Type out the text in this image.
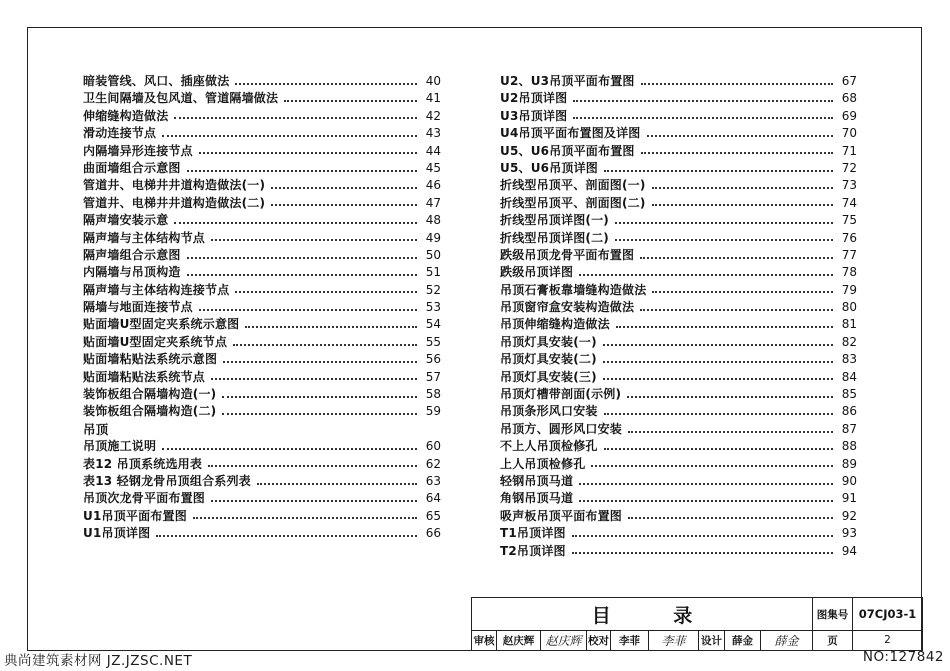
暗装管线、风口、插座做法	40
卫生间隔墙及包风道、管道隔墙做法	41
伸缩缝构造做法	42
滑动连接节点	43
内隔墙异形连接节点	44
曲面墙组合示意图	45
管道井、电梯井井道构造做法(一)	46
管道井、电梯井井道构造做法(二)	47
隔声墙安装示意	48
隔声墙与主体结构节点	49
隔声墙组合示意图	50
内隔墙与吊顶构造	51
隔声墙与主体结构连接节点	52
隔墙与地面连接节点	53
贴面墙U型固定夹系统示意图	54
贴面墙U型固定夹系统节点	55
贴面墙粘贴法系统示意图	56
贴面墙粘贴法系统节点	57
装饰板组合隔墙构造(一)	58
装饰板组合隔墙构造(二)	59
吊顶
吊顶施工说明	60
表12 吊顶系统选用表	62
表13 轻钢龙骨吊顶组合系列表	63
吊顶次龙骨平面布置图	64
U1吊顶平面布置图	65
U1吊顶详图	66
U2、U3吊顶平面布置图	67
U2吊顶详图	68
U3吊顶详图	69
U4吊顶平面布置图及详图	70
U5、U6吊顶平面布置图	71
U5、U6吊顶详图	72
折线型吊顶平、剖面图(一)	73
折线型吊顶平、剖面图(二)	74
折线型吊顶详图(一)	75
折线型吊顶详图(二)	76
跌级吊顶龙骨平面布置图	77
跌级吊顶详图	78
吊顶石膏板靠墙缝构造做法	79
吊顶窗帘盒安装构造做法	80
吊顶伸缩缝构造做法	81
吊顶灯具安装(一)	82
吊顶灯具安装(二)	83
吊顶灯具安装(三)	84
吊顶灯槽带剖面(示例)	85
吊顶条形风口安装	86
吊顶方、圆形风口安装	87
不上人吊顶检修孔	88
上人吊顶检修孔	89
轻钢吊顶马道	90
角钢吊顶马道	91
吸声板吊顶平面布置图	92
T1吊顶详图	93
T2吊顶详图	94
目 录	图集号 07CJ03-1
审核 赵庆辉 赵庆辉 校对 李菲 李菲 设计 薛金 薛金	页	2
典尚建筑素材网 JZ.JZSC.NET	NO:127842
